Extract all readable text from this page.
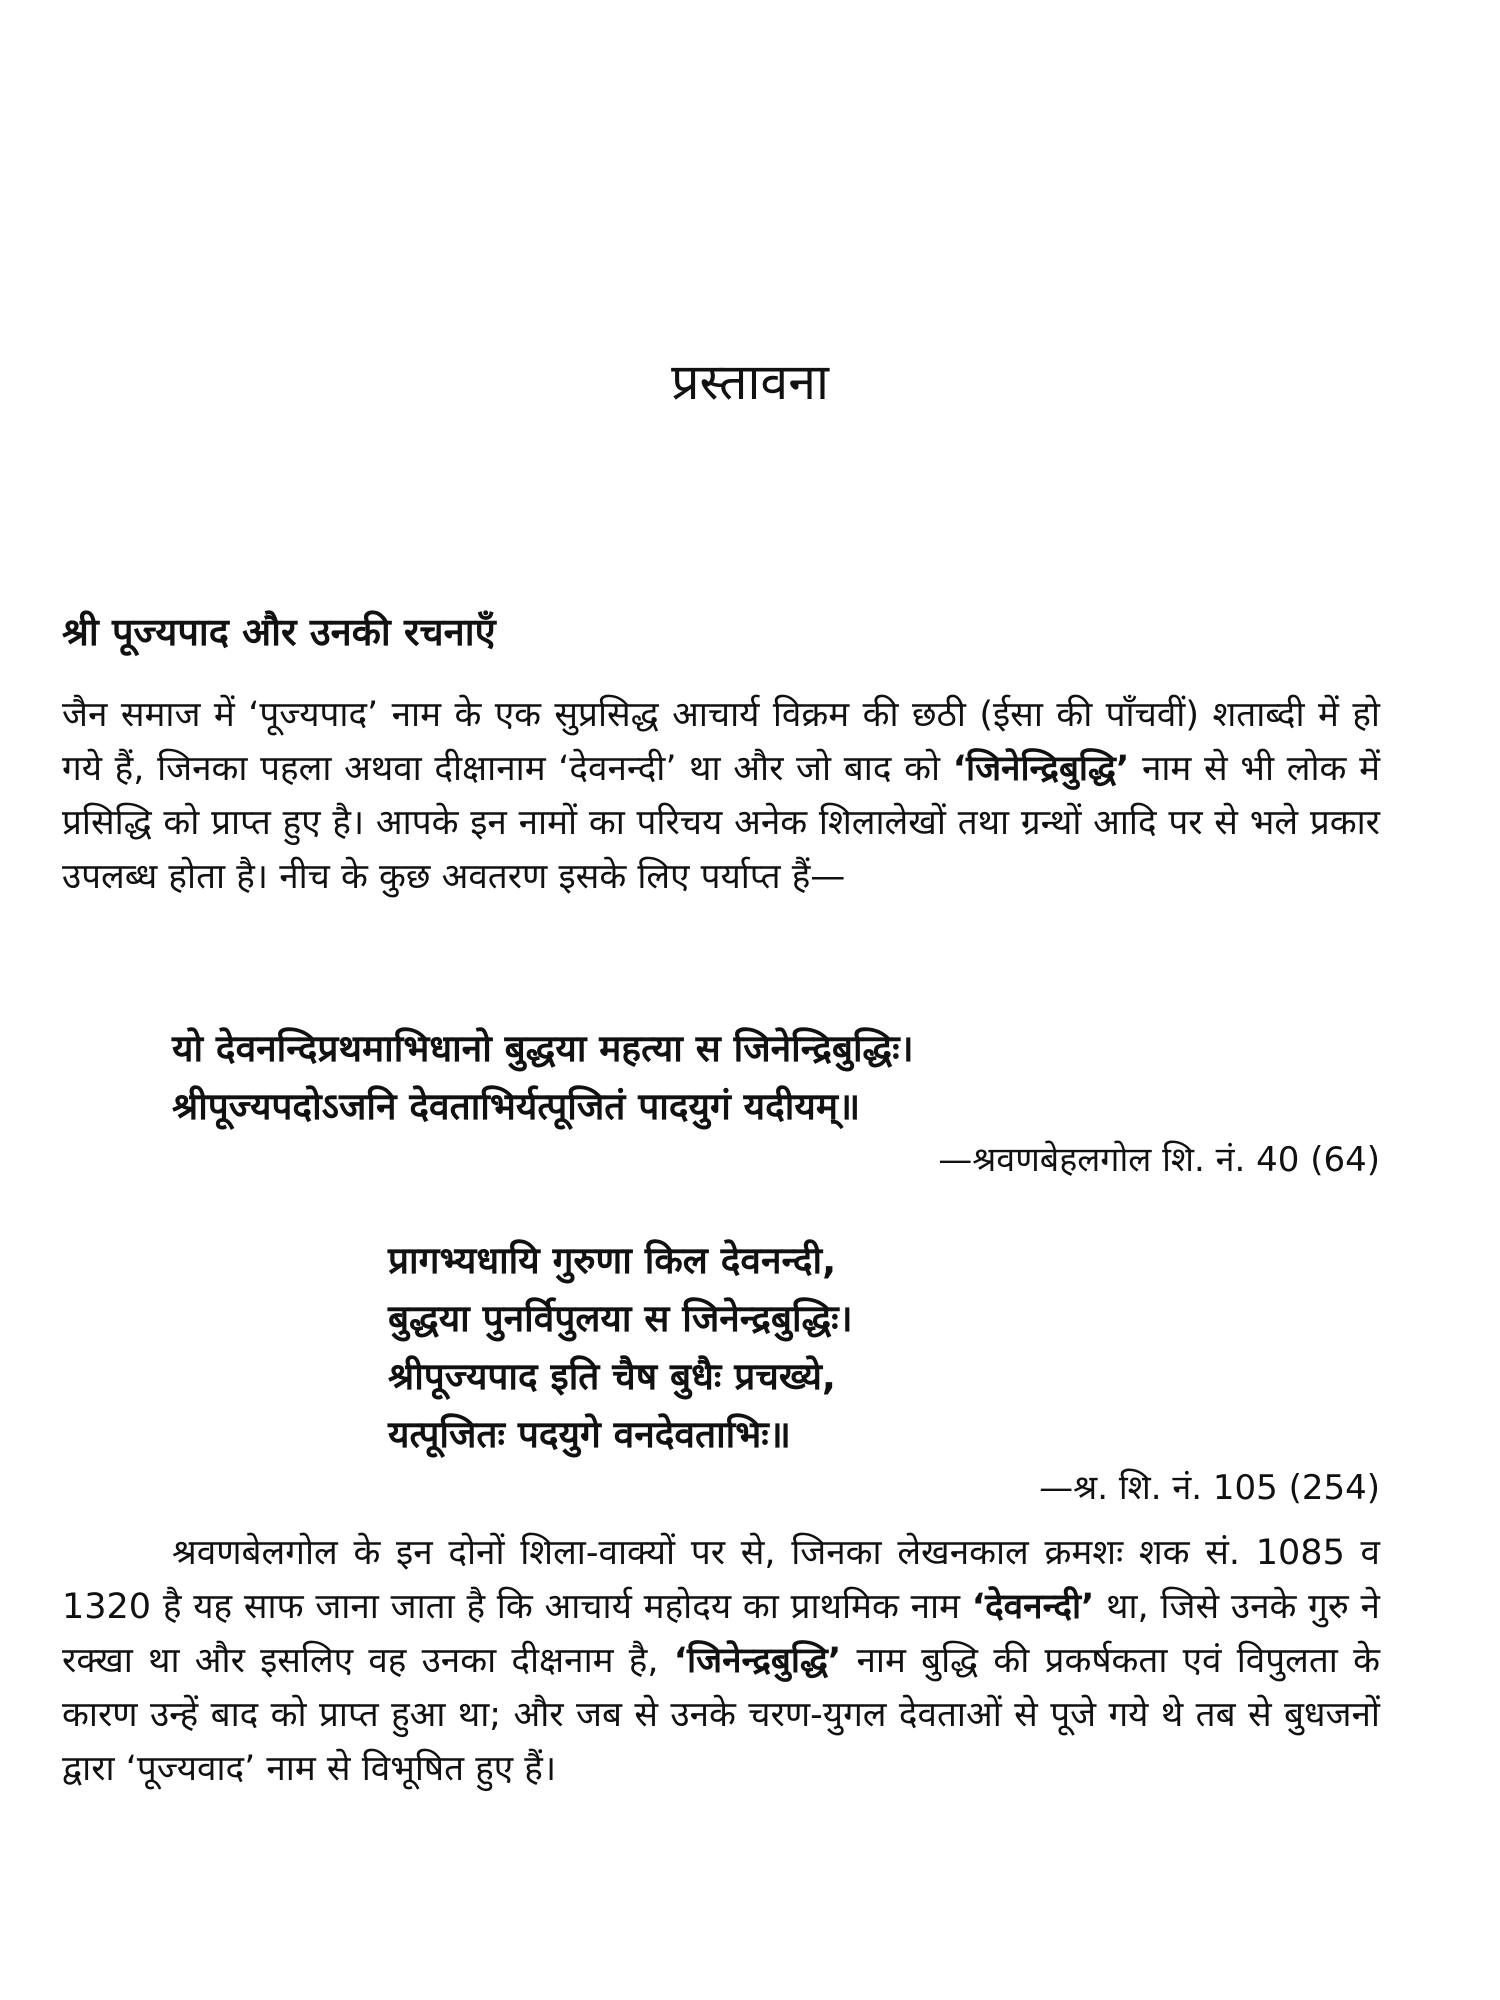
प्रस्तावना
श्री पूज्यपाद और उनकी रचनाएँ

जैन समाज में ‘पूज्यपाद’ नाम के एक सुप्रसिद्ध आचार्य विक्रम की छठी (ईसा की पाँचवीं) शताब्दी में हो गये हैं, जिनका पहला अथवा दीक्षानाम ‘देवनन्दी’ था और जो बाद को ‘जिनेन्द्रिबुद्धि’ नाम से भी लोक में प्रसिद्धि को प्राप्त हुए है। आपके इन नामों का परिचय अनेक शिलालेखों तथा ग्रन्थों आदि पर से भले प्रकार उपलब्ध होता है। नीच के कुछ अवतरण इसके लिए पर्याप्त हैं—

यो देवनन्दिप्रथमाभिधानो बुद्धया महत्या स जिनेन्द्रिबुद्धिः।
श्रीपूज्यपदोऽजनि देवताभिर्यत्पूजितं पादयुगं यदीयम्॥
—श्रवणबेहलगोल शि. नं. 40 (64)
प्रागभ्यधायि गुरुणा किल देवनन्दी,
बुद्धया पुनर्विपुलया स जिनेन्द्रबुद्धिः।
श्रीपूज्यपाद इति चैष बुधैः प्रचख्ये,
यत्पूजितः पदयुगे वनदेवताभिः॥
—श्र. शि. नं. 105 (254)

श्रवणबेलगोल के इन दोनों शिला-वाक्यों पर से, जिनका लेखनकाल क्रमशः शक सं. 1085 व 1320 है यह साफ जाना जाता है कि आचार्य महोदय का प्राथमिक नाम ‘देवनन्दी’ था, जिसे उनके गुरु ने रक्खा था और इसलिए वह उनका दीक्षनाम है, ‘जिनेन्द्रबुद्धि’ नाम बुद्धि की प्रकर्षकता एवं विपुलता के कारण उन्हें बाद को प्राप्त हुआ था; और जब से उनके चरण-युगल देवताओं से पूजे गये थे तब से बुधजनों द्वारा ‘पूज्यवाद’ नाम से विभूषित हुए हैं।
